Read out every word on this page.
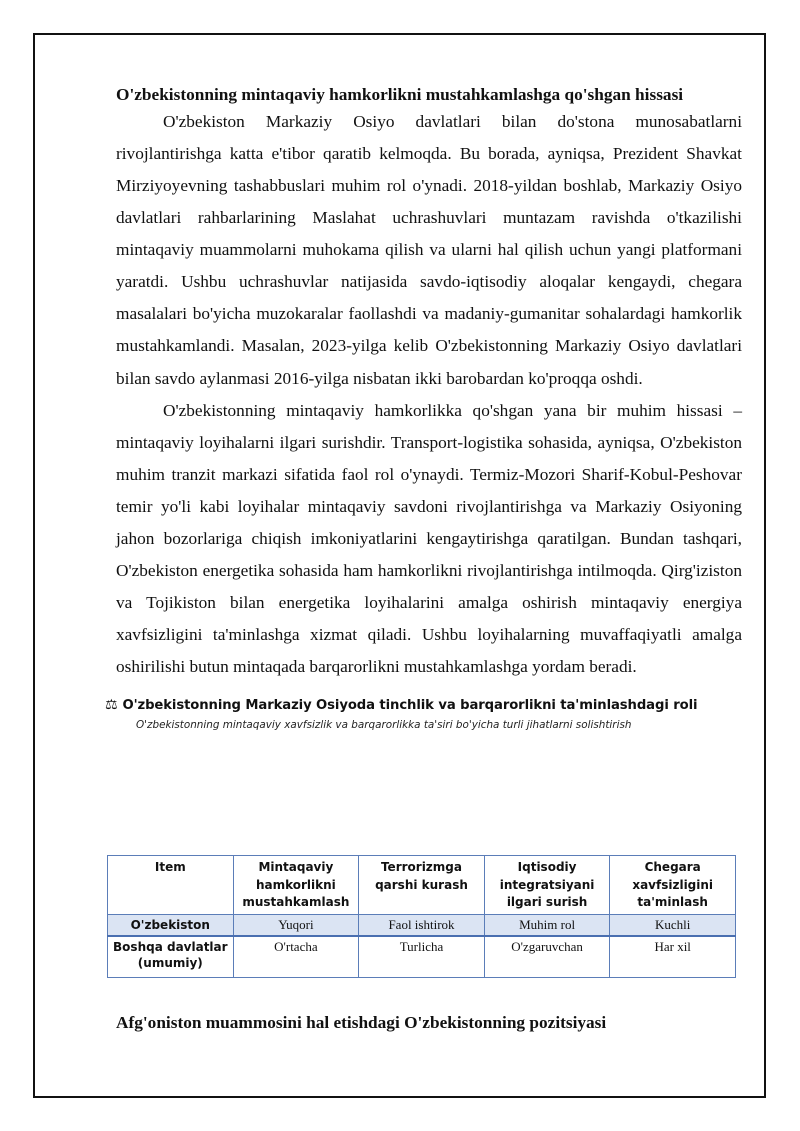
O'zbekistonning mintaqaviy hamkorlikni mustahkamlashga qo'shgan hissasi

O'zbekiston Markaziy Osiyo davlatlari bilan do'stona munosabatlarni rivojlantirishga katta e'tibor qaratib kelmoqda. Bu borada, ayniqsa, Prezident Shavkat Mirziyoyevning tashabbuslari muhim rol o'ynadi. 2018-yildan boshlab, Markaziy Osiyo davlatlari rahbarlarining Maslahat uchrashuvlari muntazam ravishda o'tkazilishi mintaqaviy muammolarni muhokama qilish va ularni hal qilish uchun yangi platformani yaratdi. Ushbu uchrashuvlar natijasida savdo-iqtisodiy aloqalar kengaydi, chegara masalalari bo'yicha muzokaralar faollashdi va madaniy-gumanitar sohalardagi hamkorlik mustahkamlandi. Masalan, 2023-yilga kelib O'zbekistonning Markaziy Osiyo davlatlari bilan savdo aylanmasi 2016-yilga nisbatan ikki barobardan ko'proqqa oshdi.

O'zbekistonning mintaqaviy hamkorlikka qo'shgan yana bir muhim hissasi – mintaqaviy loyihalarni ilgari surishdir. Transport-logistika sohasida, ayniqsa, O'zbekiston muhim tranzit markazi sifatida faol rol o'ynaydi. Termiz-Mozori Sharif-Kobul-Peshovar temir yo'li kabi loyihalar mintaqaviy savdoni rivojlantirishga va Markaziy Osiyoning jahon bozorlariga chiqish imkoniyatlarini kengaytirishga qaratilgan. Bundan tashqari, O'zbekiston energetika sohasida ham hamkorlikni rivojlantirishga intilmoqda. Qirg'iziston va Tojikiston bilan energetika loyihalarini amalga oshirish mintaqaviy energiya xavfsizligini ta'minlashga xizmat qiladi. Ushbu loyihalarning muvaffaqiyatli amalga oshirilishi butun mintaqada barqarorlikni mustahkamlashga yordam beradi.

⚖ O'zbekistonning Markaziy Osiyoda tinchlik va barqarorlikni ta'minlashdagi roli
O'zbekistonning mintaqaviy xavfsizlik va barqarorlikka ta'siri bo'yicha turli jihatlarni solishtirish
Item	Mintaqaviy hamkorlikni mustahkamlash	Terrorizmga qarshi kurash	Iqtisodiy integratsiyani ilgari surish	Chegara xavfsizligini ta'minlash
O'zbekiston	Yuqori	Faol ishtirok	Muhim rol	Kuchli
Boshqa davlatlar (umumiy)	O'rtacha	Turlicha	O'zgaruvchan	Har xil
Afg'oniston muammosini hal etishdagi O'zbekistonning pozitsiyasi
